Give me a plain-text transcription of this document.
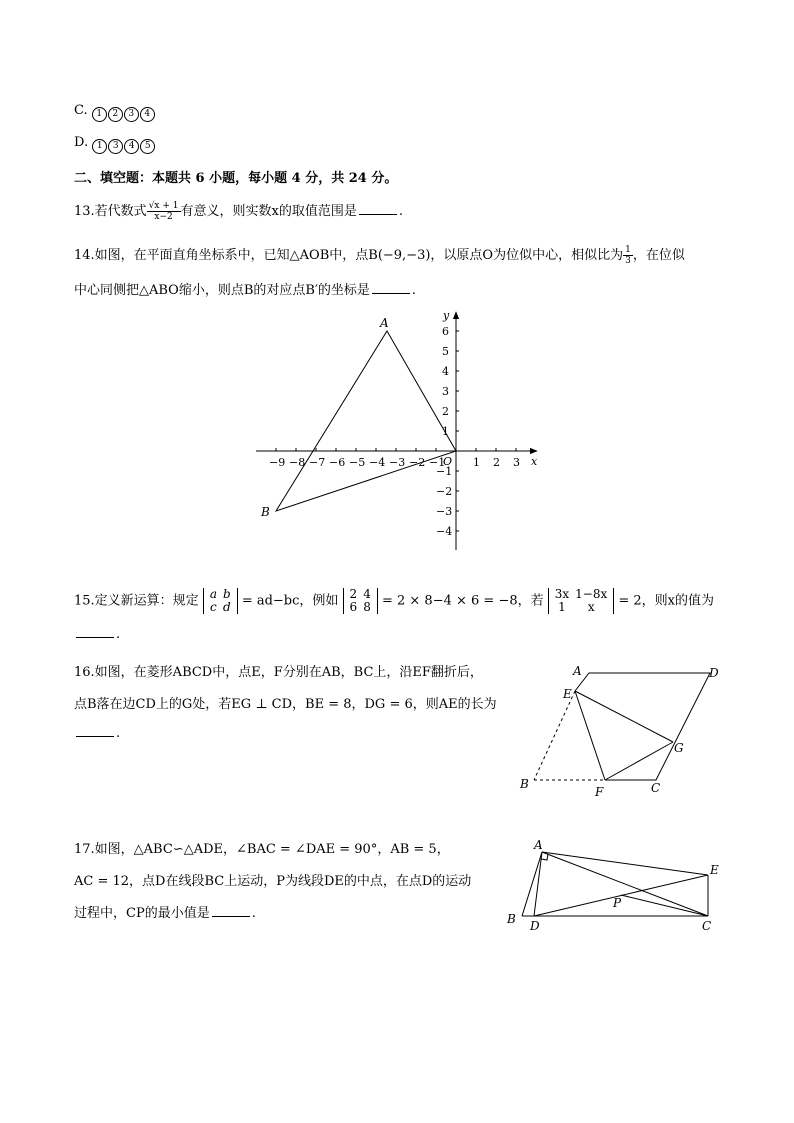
C. 1 2 3 4
D. 1 3 4 5
二、填空题：本题共 6 小题，每小题 4 分，共 24 分。
13.若代数式 $\frac{√x + 1}{x-2}$ 有意义，则实数x的取值范围是	.
14.如图，在平面直角坐标系中，已知△AOB中，点B(−9,−3)，以原点O为位似中心，相似比为 $\frac{1}{3}$ ，在位似
中心同侧把△ABO缩小，则点B的对应点B′的坐标是	.
−9 −8 −7 −6 −5 −4 −3 −2 −1	1 2 3
6
5
4
3
2
1
−1
−2
−3
−4
x
y
O
A
B
15.定义新运算：规定 a	b
c	d = ad−bc，例如 2	4
6	8 = 2 × 8−4 × 6 = −8，若 3x	1−8x
1	x = 2，则x的值为
.
16.如图，在菱形ABCD中，点E，F分别在AB，BC上，沿EF翻折后，
点B落在边CD上的G处，若EG ⊥ CD，BE = 8，DG = 6，则AE的长为
.
A	D
E
G
B
F	C
17.如图，△ABC∽△ADE，∠BAC = ∠DAE = 90°，AB = 5，
AC = 12，点D在线段BC上运动，P为线段DE的中点，在点D的运动
过程中，CP的最小值是	.
A
E
P
B D	C
